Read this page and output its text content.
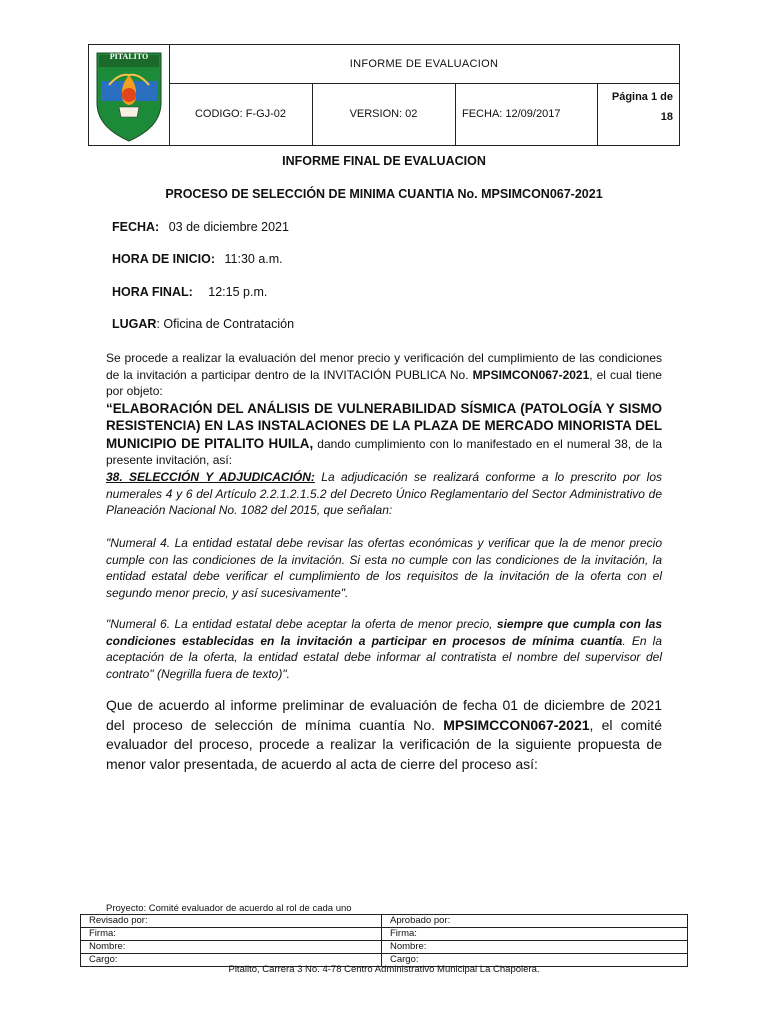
PITALITO
INFORME DE EVALUACION
CODIGO: F-GJ-02	VERSION: 02	FECHA: 12/09/2017
Página 1 de
18
INFORME FINAL DE EVALUACION
PROCESO DE SELECCIÓN DE MINIMA CUANTIA No. MPSIMCON067-2021
FECHA: 03 de diciembre 2021
HORA DE INICIO: 11:30 a.m.
HORA FINAL: 12:15 p.m.
LUGAR: Oficina de Contratación
Se procede a realizar la evaluación del menor precio y verificación del cumplimiento de las condiciones de la invitación a participar dentro de la INVITACIÓN PUBLICA No. MPSIMCON067-2021, el cual tiene por objeto:
“ELABORACIÓN DEL ANÁLISIS DE VULNERABILIDAD SÍSMICA (PATOLOGÍA Y SISMO RESISTENCIA) EN LAS INSTALACIONES DE LA PLAZA DE MERCADO MINORISTA DEL MUNICIPIO DE PITALITO HUILA, dando cumplimiento con lo manifestado en el numeral 38, de la presente invitación, así:
38. SELECCIÓN Y ADJUDICACIÓN: La adjudicación se realizará conforme a lo prescrito por los numerales 4 y 6 del Artículo 2.2.1.2.1.5.2 del Decreto Único Reglamentario del Sector Administrativo de Planeación Nacional No. 1082 del 2015, que señalan:
"Numeral 4. La entidad estatal debe revisar las ofertas económicas y verificar que la de menor precio cumple con las condiciones de la invitación. Si esta no cumple con las condiciones de la invitación, la entidad estatal debe verificar el cumplimiento de los requisitos de la invitación de la oferta con el segundo menor precio, y así sucesivamente".
"Numeral 6. La entidad estatal debe aceptar la oferta de menor precio, siempre que cumpla con las condiciones establecidas en la invitación a participar en procesos de mínima cuantía. En la aceptación de la oferta, la entidad estatal debe informar al contratista el nombre del supervisor del contrato" (Negrilla fuera de texto)".
Que de acuerdo al informe preliminar de evaluación de fecha 01 de diciembre de 2021 del proceso de selección de mínima cuantía No. MPSIMCCON067-2021, el comité evaluador del proceso, procede a realizar la verificación de la siguiente propuesta de menor valor presentada, de acuerdo al acta de cierre del proceso así:
Proyecto: Comité evaluador de acuerdo al rol de cada uno
Revisado por:	Aprobado por:
Firma:	Firma:
Nombre:	Nombre:
Cargo:	Cargo:
Pitalito, Carrera 3 No. 4-78 Centro Administrativo Municipal La Chapolera.
